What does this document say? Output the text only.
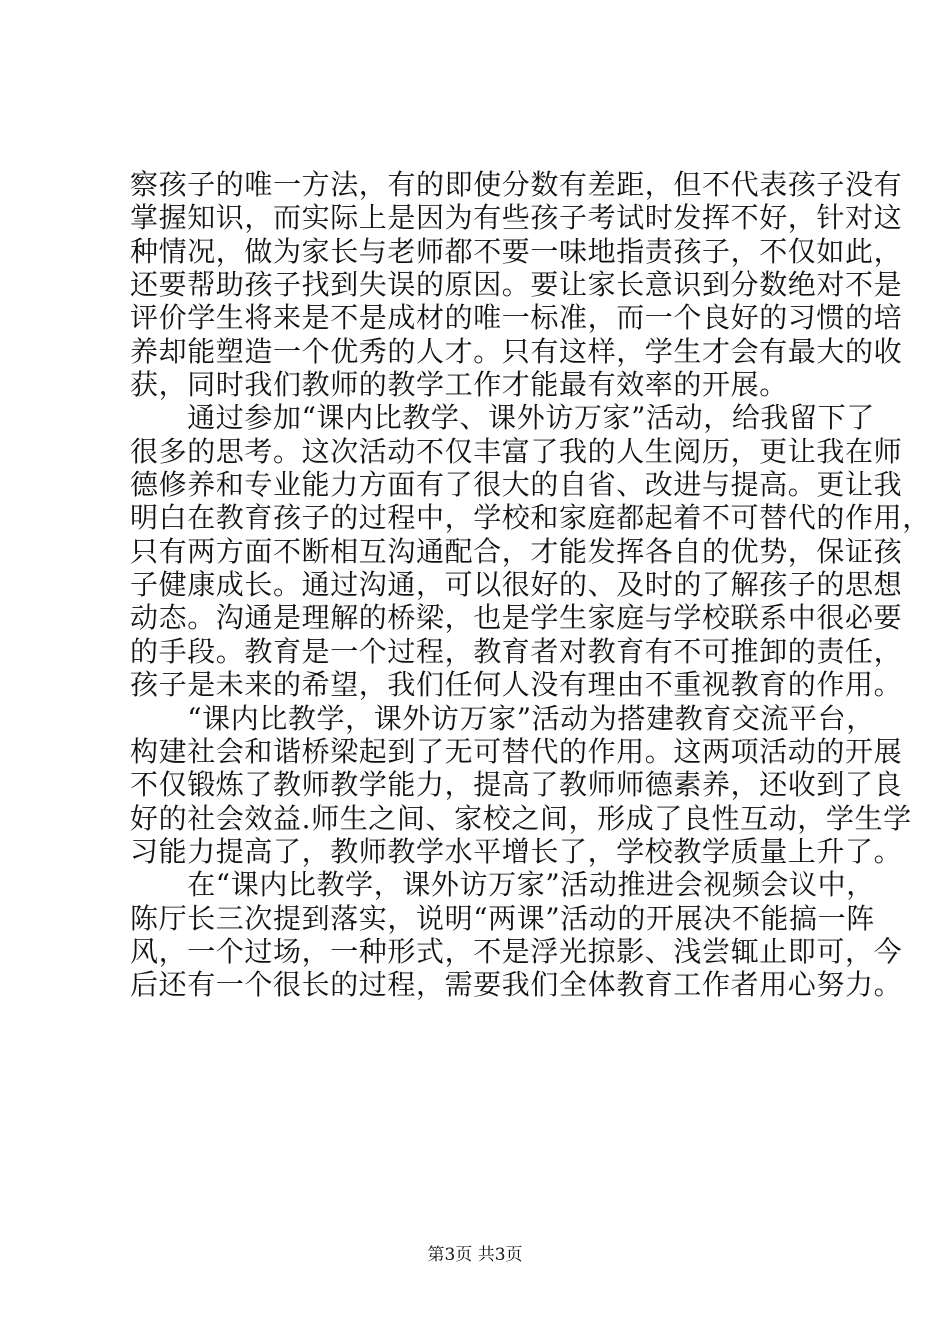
察孩子的唯一方法，有的即使分数有差距，但不代表孩子没有
掌握知识，而实际上是因为有些孩子考试时发挥不好，针对这
种情况，做为家长与老师都不要一味地指责孩子，不仅如此，
还要帮助孩子找到失误的原因。要让家长意识到分数绝对不是
评价学生将来是不是成材的唯一标准，而一个良好的习惯的培
养却能塑造一个优秀的人才。只有这样，学生才会有最大的收
获，同时我们教师的教学工作才能最有效率的开展。
　　通过参加“课内比教学、课外访万家”活动，给我留下了
很多的思考。这次活动不仅丰富了我的人生阅历，更让我在师
德修养和专业能力方面有了很大的自省、改进与提高。更让我
明白在教育孩子的过程中，学校和家庭都起着不可替代的作用，
只有两方面不断相互沟通配合，才能发挥各自的优势，保证孩
子健康成长。通过沟通，可以很好的、及时的了解孩子的思想
动态。沟通是理解的桥梁，也是学生家庭与学校联系中很必要
的手段。教育是一个过程，教育者对教育有不可推卸的责任，
孩子是未来的希望，我们任何人没有理由不重视教育的作用。
　　“课内比教学，课外访万家”活动为搭建教育交流平台，
构建社会和谐桥梁起到了无可替代的作用。这两项活动的开展
不仅锻炼了教师教学能力，提高了教师师德素养，还收到了良
好的社会效益.师生之间、家校之间，形成了良性互动，学生学
习能力提高了，教师教学水平增长了，学校教学质量上升了。
　　在“课内比教学，课外访万家”活动推进会视频会议中，
陈厅长三次提到落实，说明“两课”活动的开展决不能搞一阵
风，一个过场，一种形式，不是浮光掠影、浅尝辄止即可，今
后还有一个很长的过程，需要我们全体教育工作者用心努力。
第3页 共3页
